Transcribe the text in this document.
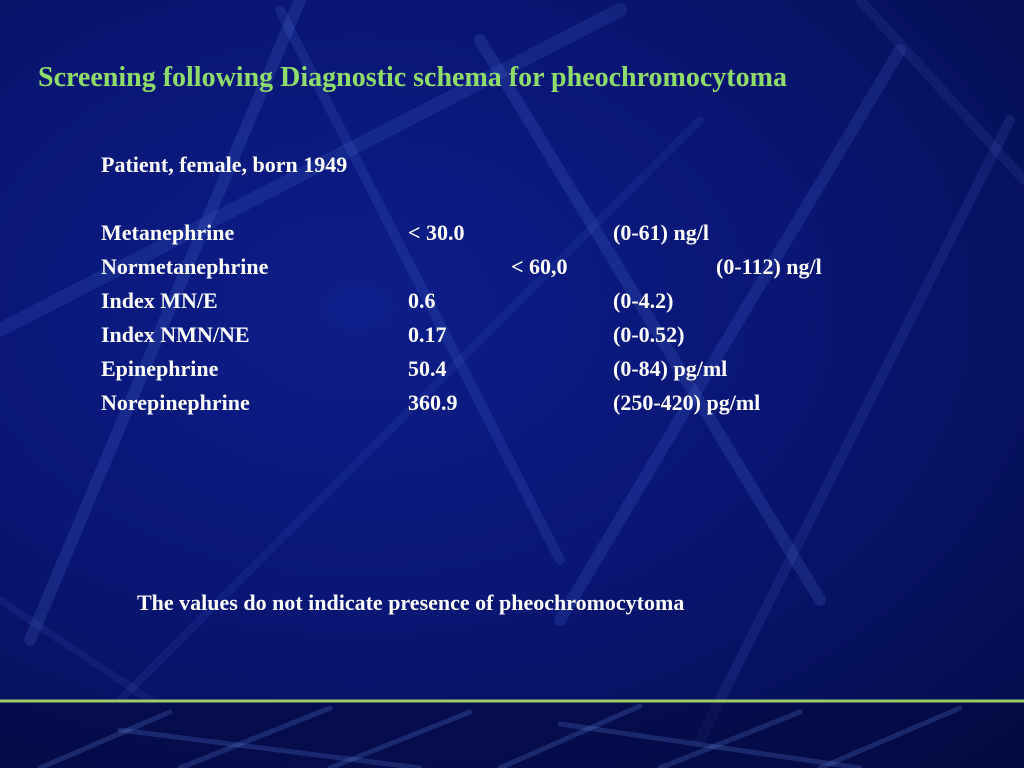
Screening following Diagnostic schema for pheochromocytoma
Patient, female, born 1949
Metanephrine	< 30.0	(0-61) ng/l
Normetanephrine	< 60,0	(0-112) ng/l
Index MN/E	0.6	(0-4.2)
Index NMN/NE	0.17	(0-0.52)
Epinephrine	50.4	(0-84) pg/ml
Norepinephrine	360.9	(250-420) pg/ml
The values do not indicate presence of pheochromocytoma
